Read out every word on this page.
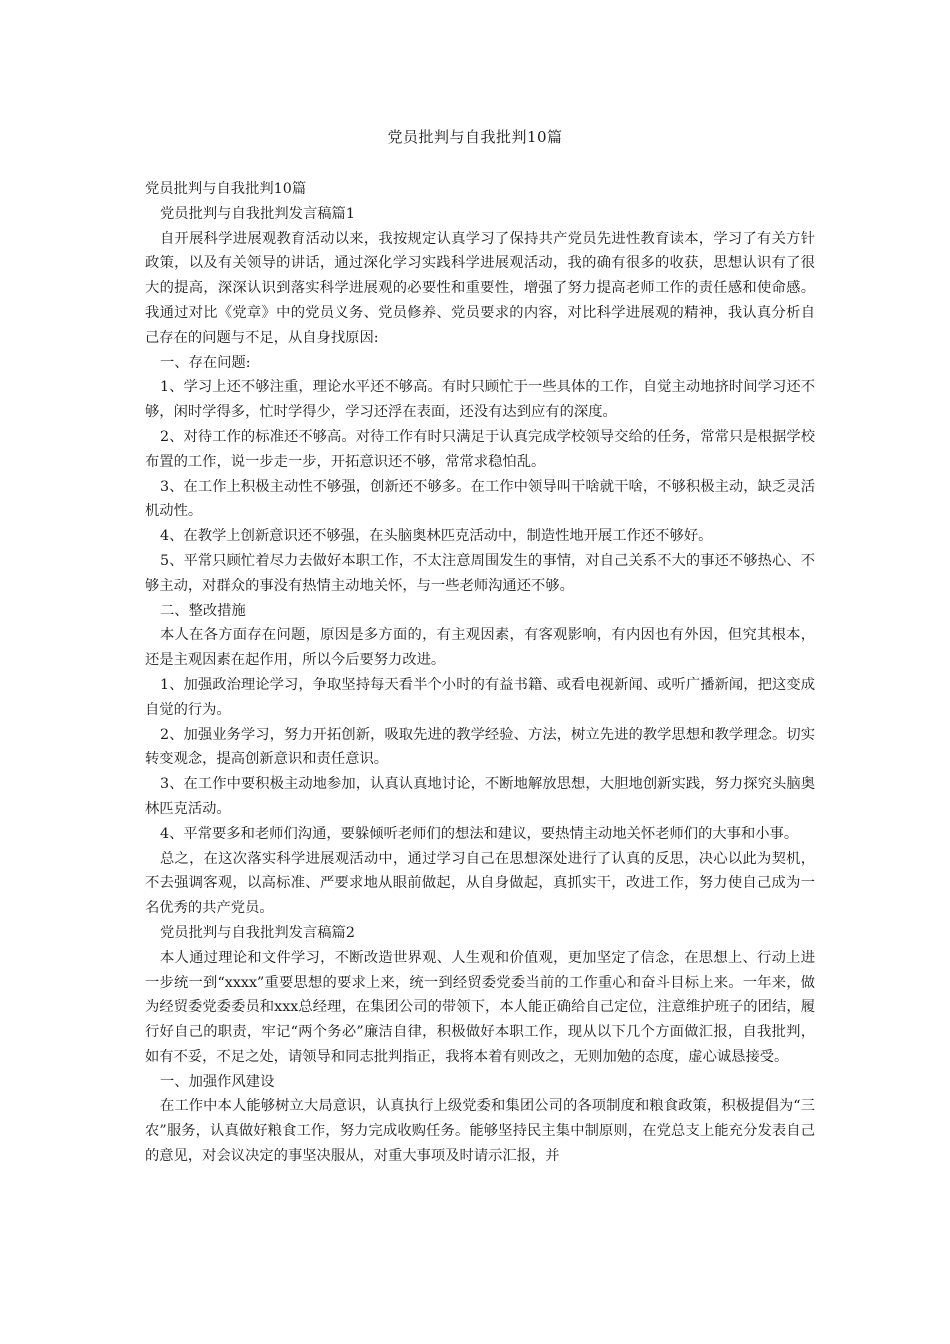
党员批判与自我批判10篇

党员批判与自我批判10篇

党员批判与自我批判发言稿篇1

自开展科学进展观教育活动以来，我按规定认真学习了保持共产党员先进性教育读本，学习了有关方针政策，以及有关领导的讲话，通过深化学习实践科学进展观活动，我的确有很多的收获，思想认识有了很大的提高，深深认识到落实科学进展观的必要性和重要性，增强了努力提高老师工作的责任感和使命感。我通过对比《党章》中的党员义务、党员修养、党员要求的内容，对比科学进展观的精神，我认真分析自己存在的问题与不足，从自身找原因:

一、存在问题:

1、学习上还不够注重，理论水平还不够高。有时只顾忙于一些具体的工作，自觉主动地挤时间学习还不够，闲时学得多，忙时学得少，学习还浮在表面，还没有达到应有的深度。

2、对待工作的标准还不够高。对待工作有时只满足于认真完成学校领导交给的任务，常常只是根据学校布置的工作，说一步走一步，开拓意识还不够，常常求稳怕乱。

3、在工作上积极主动性不够强，创新还不够多。在工作中领导叫干啥就干啥，不够积极主动，缺乏灵活机动性。

4、在教学上创新意识还不够强，在头脑奥林匹克活动中，制造性地开展工作还不够好。

5、平常只顾忙着尽力去做好本职工作，不太注意周围发生的事情，对自己关系不大的事还不够热心、不够主动，对群众的事没有热情主动地关怀，与一些老师沟通还不够。

二、整改措施

本人在各方面存在问题，原因是多方面的，有主观因素，有客观影响，有内因也有外因，但究其根本，还是主观因素在起作用，所以今后要努力改进。

1、加强政治理论学习，争取坚持每天看半个小时的有益书籍、或看电视新闻、或听广播新闻，把这变成自觉的行为。

2、加强业务学习，努力开拓创新，吸取先进的教学经验、方法，树立先进的教学思想和教学理念。切实转变观念，提高创新意识和责任意识。

3、在工作中要积极主动地参加，认真认真地讨论，不断地解放思想，大胆地创新实践，努力探究头脑奥林匹克活动。

4、平常要多和老师们沟通，要躲倾听老师们的想法和建议，要热情主动地关怀老师们的大事和小事。

总之，在这次落实科学进展观活动中，通过学习自己在思想深处进行了认真的反思，决心以此为契机，不去强调客观，以高标准、严要求地从眼前做起，从自身做起，真抓实干，改进工作，努力使自己成为一名优秀的共产党员。

党员批判与自我批判发言稿篇2

本人通过理论和文件学习，不断改造世界观、人生观和价值观，更加坚定了信念，在思想上、行动上进一步统一到“xxxx”重要思想的要求上来，统一到经贸委党委当前的工作重心和奋斗目标上来。一年来，做为经贸委党委委员和xxx总经理，在集团公司的带领下，本人能正确给自己定位，注意维护班子的团结，履行好自己的职责，牢记“两个务必”廉洁自律，积极做好本职工作，现从以下几个方面做汇报，自我批判，如有不妥，不足之处，请领导和同志批判指正，我将本着有则改之，无则加勉的态度，虚心诚恳接受。

一、加强作风建设

在工作中本人能够树立大局意识，认真执行上级党委和集团公司的各项制度和粮食政策，积极提倡为“三农”服务，认真做好粮食工作，努力完成收购任务。能够坚持民主集中制原则，在党总支上能充分发表自己的意见，对会议决定的事坚决服从，对重大事项及时请示汇报，并
